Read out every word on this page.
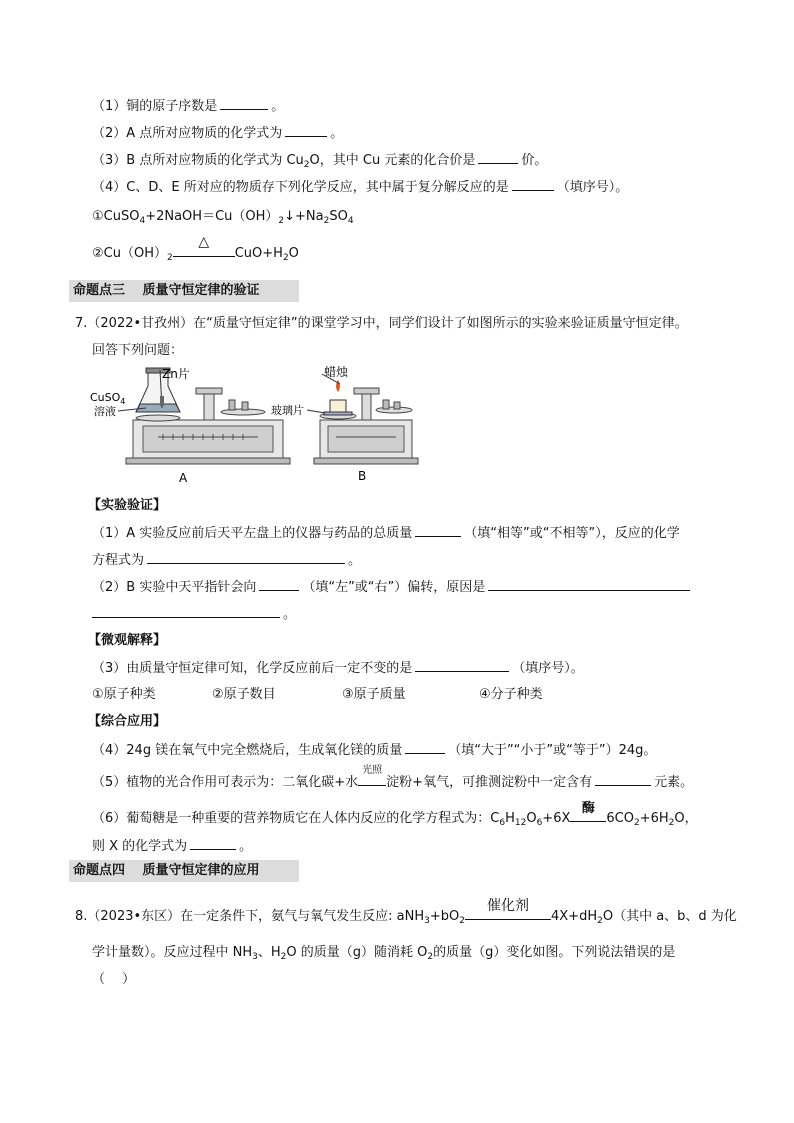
（1）铜的原子序数是	。
（2）A 点所对应物质的化学式为	。
（3）B 点所对应物质的化学式为 $Cu_2O$，其中 Cu 元素的化合价是	价。
（4）C、D、E 所对应的物质存下列化学反应，其中属于复分解反应的是	（填序号）。
$①CuSO_4+2NaOH=Cu(OH)_2↓+Na_2SO_4$
$②Cu(OH)_2$
△
$CuO+H_2O$
命题点三　 质量守恒定律的验证
7.（2022•甘孜州）在“质量守恒定律”的课堂学习中，同学们设计了如图所示的实验来验证质量守恒定律。
回答下列问题：
CuSO$_4$
溶液
Zn片
A
蜡烛
玻璃片
B
【实验验证】
（1）A 实验反应前后天平左盘上的仪器与药品的总质量	（填“相等”或“不相等”），反应的化学
方程式为	。
（2）B 实验中天平指针会向	（填“左”或“右”）偏转，原因是
。
【微观解释】
（3）由质量守恒定律可知，化学反应前后一定不变的是	（填序号）。
①原子种类	②原子数目	③原子质量	④分子种类
【综合应用】
（4）24g 镁在氧气中完全燃烧后，生成氧化镁的质量	（填“大于”“小于”或“等于”）24g。
（5）植物的光合作用可表示为：二氧化碳+水
光照
淀粉+氧气，可推测淀粉中一定含有	元素。
（6）葡萄糖是一种重要的营养物质它在人体内反应的化学方程式为：$C_6H_{12}O_6+6X$
酶
$6CO_2+6H_2O$，
则 X 的化学式为	。
命题点四　 质量守恒定律的应用
8.（2023•东区）在一定条件下，氨气与氧气发生反应: $aNH_3+bO_2$
催化剂
$4X+dH_2O$（其中 a、b、d 为化
学计量数）。反应过程中 $NH_3$、$H_2O$ 的质量（g）随消耗 $O_2$的质量（g）变化如图。下列说法错误的是
（　 ）
